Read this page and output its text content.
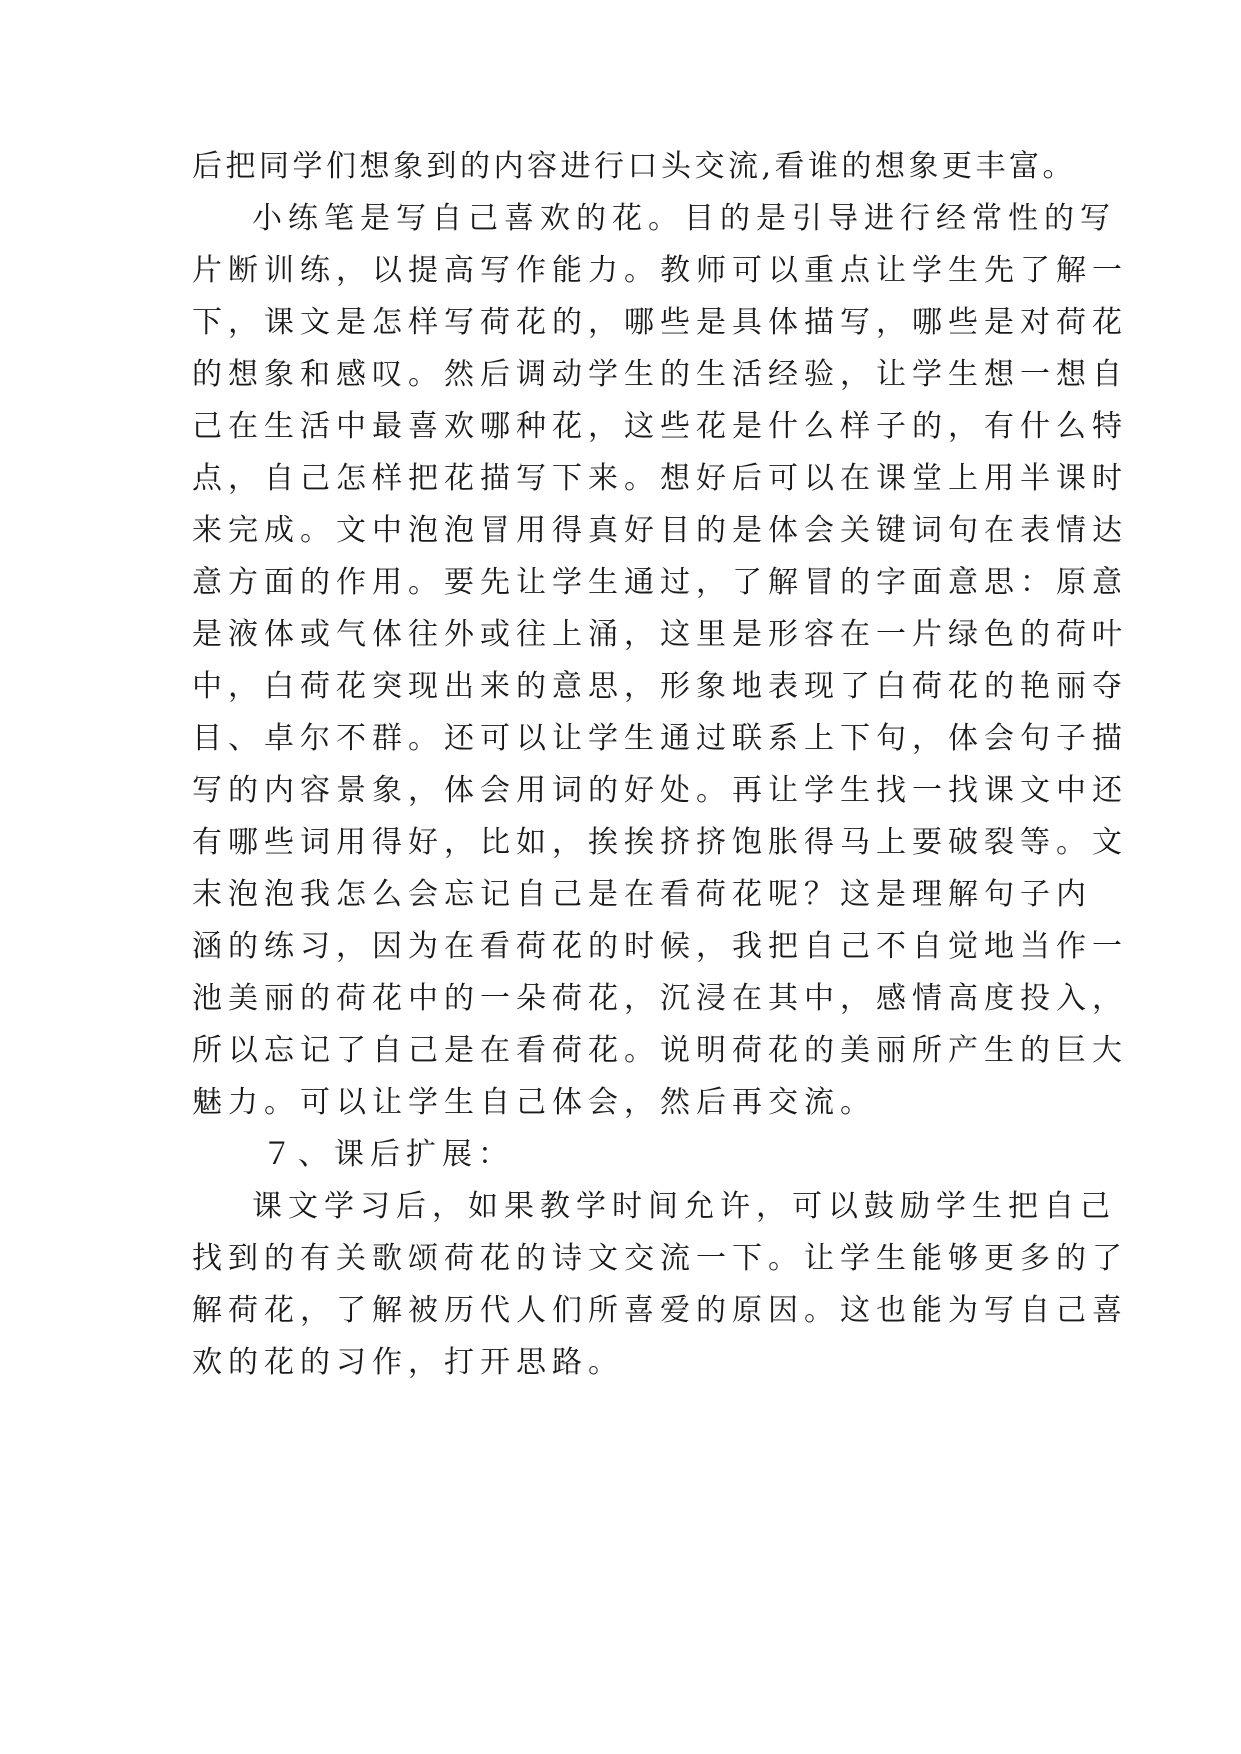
后把同学们想象到的内容进行口头交流,看谁的想象更丰富。
小练笔是写自己喜欢的花。目的是引导进行经常性的写
片断训练，以提高写作能力。教师可以重点让学生先了解一
下，课文是怎样写荷花的，哪些是具体描写，哪些是对荷花
的想象和感叹。然后调动学生的生活经验，让学生想一想自
己在生活中最喜欢哪种花，这些花是什么样子的，有什么特
点，自己怎样把花描写下来。想好后可以在课堂上用半课时
来完成。文中泡泡冒用得真好目的是体会关键词句在表情达
意方面的作用。要先让学生通过，了解冒的字面意思：原意
是液体或气体往外或往上涌，这里是形容在一片绿色的荷叶
中，白荷花突现出来的意思，形象地表现了白荷花的艳丽夺
目、卓尔不群。还可以让学生通过联系上下句，体会句子描
写的内容景象，体会用词的好处。再让学生找一找课文中还
有哪些词用得好，比如，挨挨挤挤饱胀得马上要破裂等。文
末泡泡我怎么会忘记自己是在看荷花呢？这是理解句子内
涵的练习，因为在看荷花的时候，我把自己不自觉地当作一
池美丽的荷花中的一朵荷花，沉浸在其中，感情高度投入，
所以忘记了自己是在看荷花。说明荷花的美丽所产生的巨大
魅力。可以让学生自己体会，然后再交流。
７、课后扩展：
课文学习后，如果教学时间允许，可以鼓励学生把自己
找到的有关歌颂荷花的诗文交流一下。让学生能够更多的了
解荷花，了解被历代人们所喜爱的原因。这也能为写自己喜
欢的花的习作，打开思路。
